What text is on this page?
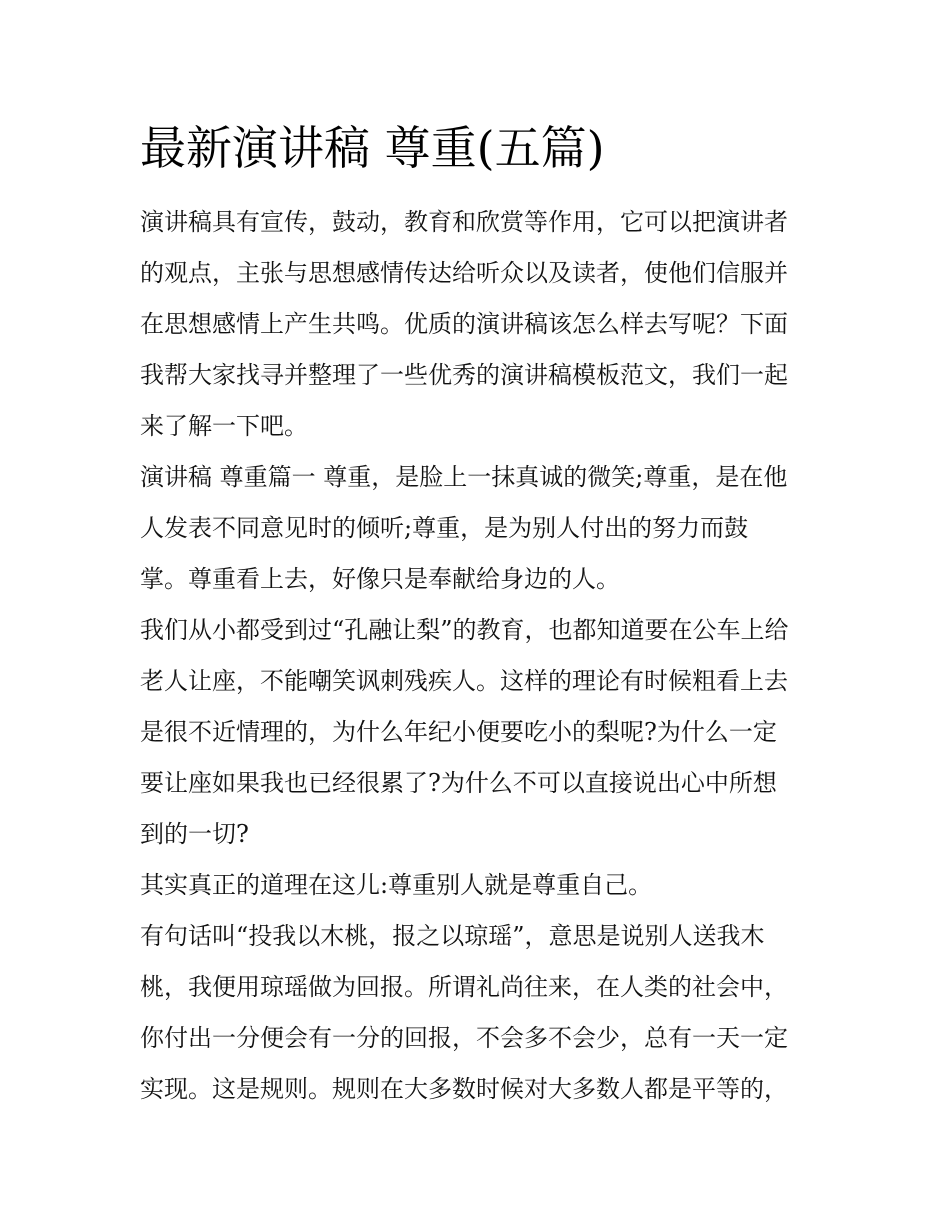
最新演讲稿 尊重(五篇)

演讲稿具有宣传，鼓动，教育和欣赏等作用，它可以把演讲者
的观点，主张与思想感情传达给听众以及读者，使他们信服并
在思想感情上产生共鸣。优质的演讲稿该怎么样去写呢？下面
我帮大家找寻并整理了一些优秀的演讲稿模板范文，我们一起
来了解一下吧。

演讲稿 尊重篇一 尊重，是脸上一抹真诚的微笑;尊重，是在他
人发表不同意见时的倾听;尊重，是为别人付出的努力而鼓
掌。尊重看上去，好像只是奉献给身边的人。

我们从小都受到过“孔融让梨”的教育，也都知道要在公车上给
老人让座，不能嘲笑讽刺残疾人。这样的理论有时候粗看上去
是很不近情理的，为什么年纪小便要吃小的梨呢?为什么一定
要让座如果我也已经很累了?为什么不可以直接说出心中所想
到的一切?

其实真正的道理在这儿:尊重别人就是尊重自己。

有句话叫“投我以木桃，报之以琼瑶”，意思是说别人送我木
桃，我便用琼瑶做为回报。所谓礼尚往来，在人类的社会中，
你付出一分便会有一分的回报，不会多不会少，总有一天一定
实现。这是规则。规则在大多数时候对大多数人都是平等的，
